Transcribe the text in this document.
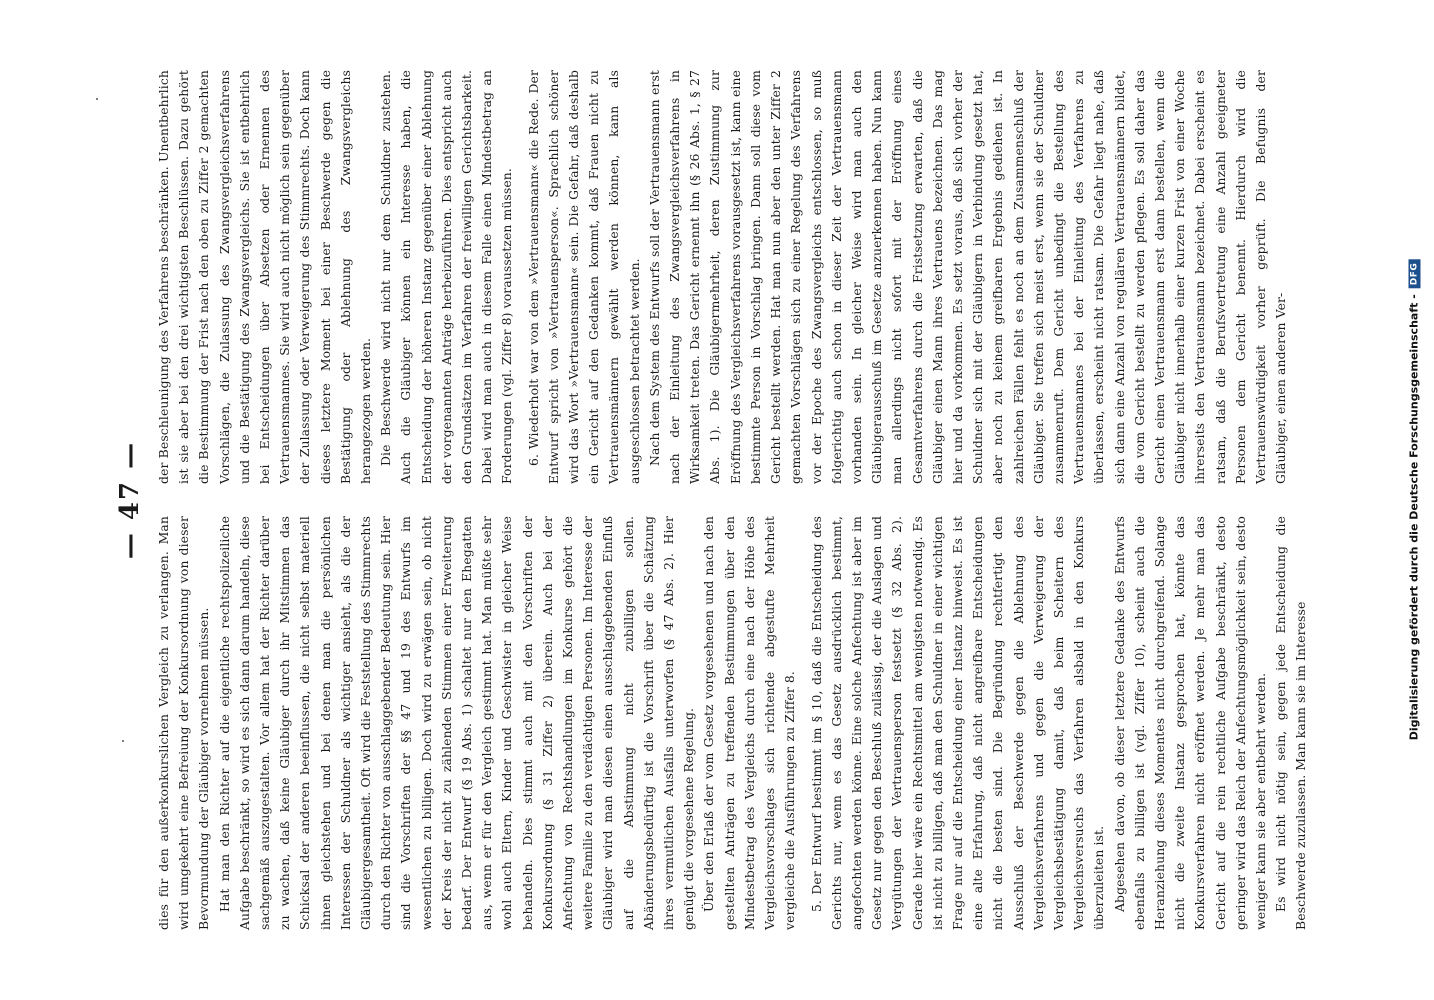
— 47 —

dies für den außerkonkurslichen Vergleich zu verlangen. Man wird umgekehrt eine Befreiung der Konkursordnung von dieser Bevormundung der Gläubiger vornehmen müssen. Hat man den Richter auf die eigentliche rechtspolizeiliche Aufgabe beschränkt, so wird es sich dann darum handeln, diese sachgemäß auszugestalten. Vor allem hat der Richter darüber zu wachen, daß keine Gläubiger durch ihr Mitstimmen das Schicksal der anderen beeinflussen, die nicht selbst materiell ihnen gleichstehen und bei denen man die persönlichen Interessen der Schuldner als wichtiger ansieht, als die der Gläubigergesamtheit. Oft wird die Feststellung des Stimmrechts durch den Richter von ausschlaggebender Bedeutung sein. Hier sind die Vorschriften der §§ 47 und 19 des Entwurfs im wesentlichen zu billigen. Doch wird zu erwägen sein, ob nicht der Kreis der nicht zu zählenden Stimmen einer Erweiterung bedarf. Der Entwurf (§ 19 Abs. 1) schaltet nur den Ehegatten aus, wenn er für den Vergleich gestimmt hat. Man müßte sehr wohl auch Eltern, Kinder und Geschwister in gleicher Weise behandeln. Dies stimmt auch mit den Vorschriften der Konkursordnung (§ 31 Ziffer 2) überein. Auch bei der Anfechtung von Rechtshandlungen im Konkurse gehört die weitere Familie zu den verdächtigen Personen. Im Interesse der Gläubiger wird man diesen einen ausschlaggebenden Einfluß auf die Abstimmung nicht zubilligen sollen. Abänderungsbedürftig ist die Vorschrift über die Schätzung ihres vermutlichen Ausfalls unterworfen (§ 47 Abs. 2). Hier genügt die vorgesehene Regelung. Über den Erlaß der vom Gesetz vorgesehenen und nach den gestellten Anträgen zu treffenden Bestimmungen über den Mindestbetrag des Vergleichs durch eine nach der Höhe des Vergleichsvorschlages sich richtende abgestufte Mehrheit vergleiche die Ausführungen zu Ziffer 8. 5. Der Entwurf bestimmt im § 10, daß die Entscheidung des Gerichts nur, wenn es das Gesetz ausdrücklich bestimmt, angefochten werden könne. Eine solche Anfechtung ist aber im Gesetz nur gegen den Beschluß zulässig, der die Auslagen und Vergütungen der Vertrauensperson festsetzt (§ 32 Abs. 2). Gerade hier wäre ein Rechtsmittel am wenigsten notwendig. Es ist nicht zu billigen, daß man den Schuldner in einer wichtigen Frage nur auf die Entscheidung einer Instanz hinweist. Es ist eine alte Erfahrung, daß nicht angreifbare Entscheidungen nicht die besten sind. Die Begründung rechtfertigt den Ausschluß der Beschwerde gegen die Ablehnung des Vergleichsverfahrens und gegen die Verweigerung der Vergleichsbestätigung damit, daß beim Scheitern des Vergleichsversuchs das Verfahren alsbald in den Konkurs überzuleiten ist. Abgesehen davon, ob dieser letztere Gedanke des Entwurfs ebenfalls zu billigen ist (vgl. Ziffer 10), scheint auch die Heranziehung dieses Momentes nicht durchgreifend. Solange nicht die zweite Instanz gesprochen hat, könnte das Konkursverfahren nicht eröffnet werden. Je mehr man das Gericht auf die rein rechtliche Aufgabe beschränkt, desto geringer wird das Reich der Anfechtungsmöglichkeit sein, desto weniger kann sie aber entbehrt werden. Es wird nicht nötig sein, gegen jede Entscheidung die Beschwerde zuzulassen. Man kann sie im Interesse

der Beschleunigung des Verfahrens beschränken. Unentbehrlich ist sie aber bei den drei wichtigsten Beschlüssen. Dazu gehört die Bestimmung der Frist nach den oben zu Ziffer 2 gemachten Vorschlägen, die Zulassung des Zwangsvergleichsverfahrens und die Bestätigung des Zwangsvergleichs. Sie ist entbehrlich bei Entscheidungen über Absetzen oder Ernennen des Vertrauensmannes. Sie wird auch nicht möglich sein gegenüber der Zulassung oder Verweigerung des Stimmrechts. Doch kann dieses letztere Moment bei einer Beschwerde gegen die Bestätigung oder Ablehnung des Zwangsvergleichs herangezogen werden. Die Beschwerde wird nicht nur dem Schuldner zustehen. Auch die Gläubiger können ein Interesse haben, die Entscheidung der höheren Instanz gegenüber einer Ablehnung der vorgenannten Anträge herbeizuführen. Dies entspricht auch den Grundsätzen im Verfahren der freiwilligen Gerichtsbarkeit. Dabei wird man auch in diesem Falle einen Mindestbetrag an Forderungen (vgl. Ziffer 8) voraussetzen müssen. 6. Wiederholt war von dem »Vertrauensmann« die Rede. Der Entwurf spricht von »Vertrauensperson«. Sprachlich schöner wird das Wort »Vertrauensmann« sein. Die Gefahr, daß deshalb ein Gericht auf den Gedanken kommt, daß Frauen nicht zu Vertrauensmännern gewählt werden können, kann als ausgeschlossen betrachtet werden. Nach dem System des Entwurfs soll der Vertrauensmann erst nach der Einleitung des Zwangsvergleichsverfahrens in Wirksamkeit treten. Das Gericht ernennt ihn (§ 26 Abs. 1, § 27 Abs. 1). Die Gläubigermehrheit, deren Zustimmung zur Eröffnung des Vergleichsverfahrens vorausgesetzt ist, kann eine bestimmte Person in Vorschlag bringen. Dann soll diese vom Gericht bestellt werden. Hat man nun aber den unter Ziffer 2 gemachten Vorschlägen sich zu einer Regelung des Verfahrens vor der Epoche des Zwangsvergleichs entschlossen, so muß folgerichtig auch schon in dieser Zeit der Vertrauensmann vorhanden sein. In gleicher Weise wird man auch den Gläubigerausschuß im Gesetze anzuerkennen haben. Nun kann man allerdings nicht sofort mit der Eröffnung eines Gesamtverfahrens durch die Fristsetzung erwarten, daß die Gläubiger einen Mann ihres Vertrauens bezeichnen. Das mag hier und da vorkommen. Es setzt voraus, daß sich vorher der Schuldner sich mit der Gläubigern in Verbindung gesetzt hat, aber noch zu keinem greifbaren Ergebnis gediehen ist. In zahlreichen Fällen fehlt es noch an dem Zusammenschluß der Gläubiger. Sie treffen sich meist erst, wenn sie der Schuldner zusammenruft. Dem Gericht unbedingt die Bestellung des Vertrauensmannes bei der Einleitung des Verfahrens zu überlassen, erscheint nicht ratsam. Die Gefahr liegt nahe, daß sich dann eine Anzahl von regulären Vertrauensmännern bildet, die vom Gericht bestellt zu werden pflegen. Es soll daher das Gericht einen Vertrauensmann erst dann bestellen, wenn die Gläubiger nicht innerhalb einer kurzen Frist von einer Woche ihrerseits den Vertrauensmann bezeichnet. Dabei erscheint es ratsam, daß die Berufsvertretung eine Anzahl geeigneter Personen dem Gericht benennt. Hierdurch wird die Vertrauenswürdigkeit vorher geprüft. Die Befugnis der Gläubiger, einen anderen Ver-	Digitalisierung gefördert durch die Deutsche Forschungsgemeinschaft -
DFG
